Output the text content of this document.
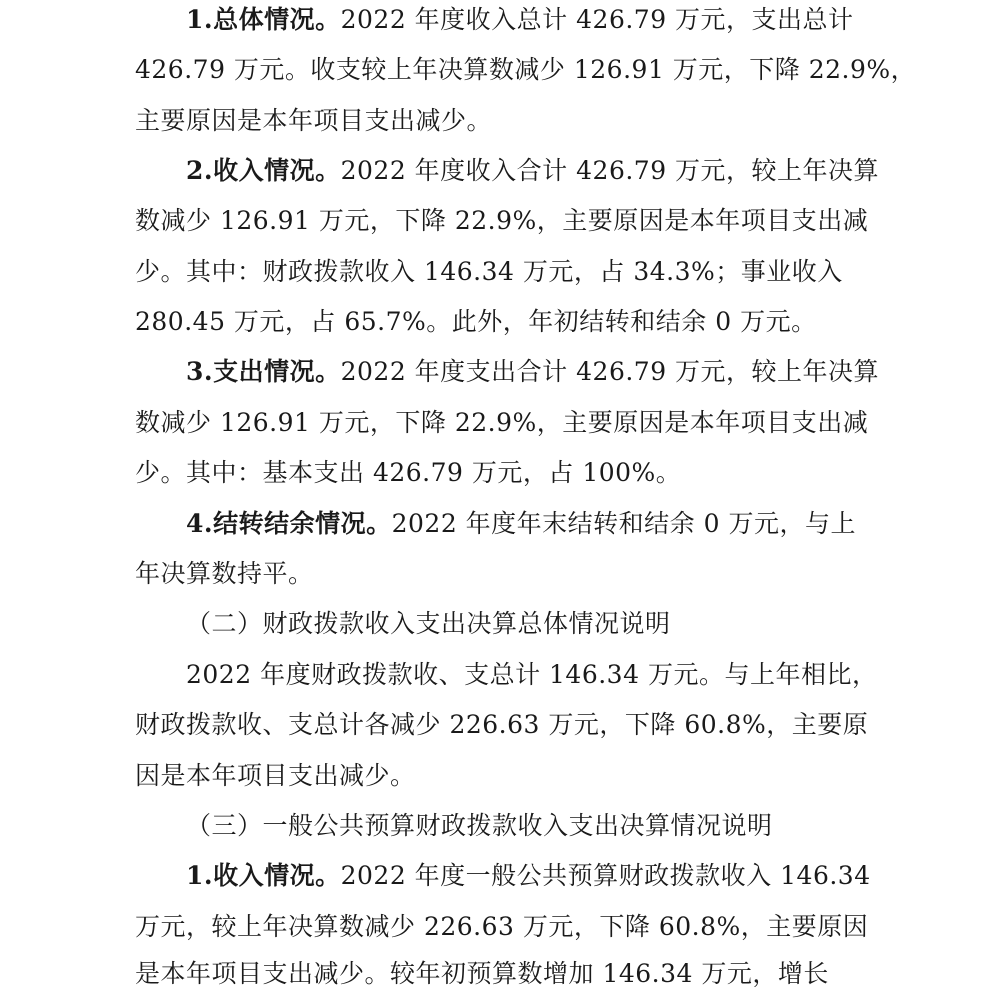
1.总体情况。2022 年度收入总计 426.79 万元，支出总计
426.79 万元。收支较上年决算数减少 126.91 万元，下降 22.9%，
主要原因是本年项目支出减少。
2.收入情况。2022 年度收入合计 426.79 万元，较上年决算
数减少 126.91 万元，下降 22.9%，主要原因是本年项目支出减
少。其中：财政拨款收入 146.34 万元，占 34.3%；事业收入
280.45 万元，占 65.7%。此外，年初结转和结余 0 万元。
3.支出情况。2022 年度支出合计 426.79 万元，较上年决算
数减少 126.91 万元，下降 22.9%，主要原因是本年项目支出减
少。其中：基本支出 426.79 万元，占 100%。
4.结转结余情况。2022 年度年末结转和结余 0 万元，与上
年决算数持平。
（二）财政拨款收入支出决算总体情况说明
2022 年度财政拨款收、支总计 146.34 万元。与上年相比，
财政拨款收、支总计各减少 226.63 万元，下降 60.8%，主要原
因是本年项目支出减少。
（三）一般公共预算财政拨款收入支出决算情况说明
1.收入情况。2022 年度一般公共预算财政拨款收入 146.34
万元，较上年决算数减少 226.63 万元，下降 60.8%，主要原因
是本年项目支出减少。较年初预算数增加 146.34 万元，增长
